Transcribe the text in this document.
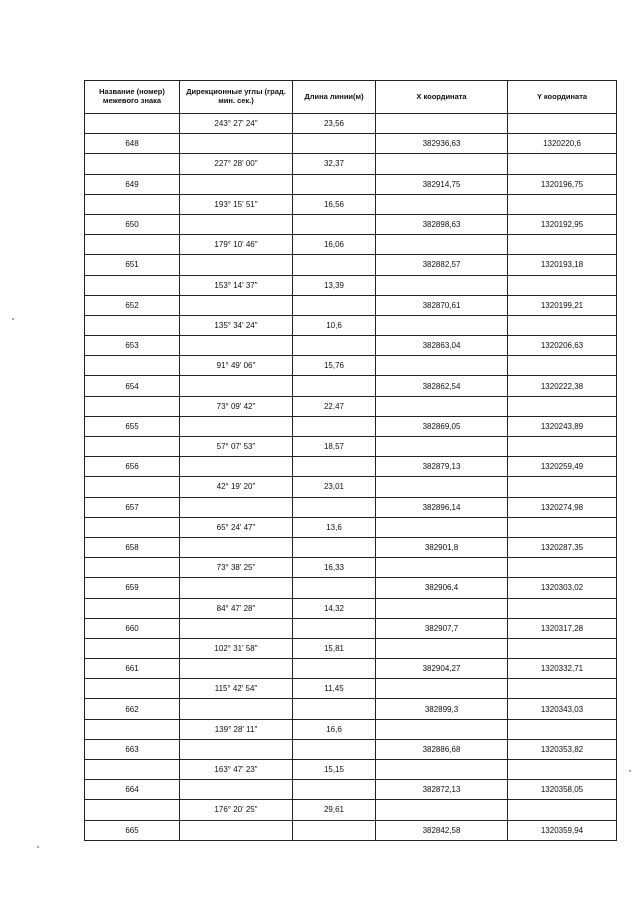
Название (номер) межевого знака	Дирекционные углы (град. мин. сек.)	Длина линии(м)	X координата	Y координата
	243° 27' 24"	23,56		
648			382936,63	1320220,6
	227° 28' 00"	32,37		
649			382914,75	1320196,75
	193° 15' 51"	16,56		
650			382898,63	1320192,95
	179° 10' 46"	16,06		
651			382882,57	1320193,18
	153° 14' 37"	13,39		
652			382870,61	1320199,21
	135° 34' 24"	10,6		
653			382863,04	1320206,63
	91° 49' 06"	15,76		
654			382862,54	1320222,38
	73° 09' 42"	22,47		
655			382869,05	1320243,89
	57° 07' 53"	18,57		
656			382879,13	1320259,49
	42° 19' 20"	23,01		
657			382896,14	1320274,98
	65° 24' 47"	13,6		
658			382901,8	1320287,35
	73° 38' 25"	16,33		
659			382906,4	1320303,02
	84° 47' 28"	14,32		
660			382907,7	1320317,28
	102° 31' 58"	15,81		
661			382904,27	1320332,71
	115° 42' 54"	11,45		
662			382899,3	1320343,03
	139° 28' 11"	16,6		
663			382886,68	1320353,82
	163° 47' 23"	15,15		
664			382872,13	1320358,05
	176° 20' 25"	29,61		
665			382842,58	1320359,94
